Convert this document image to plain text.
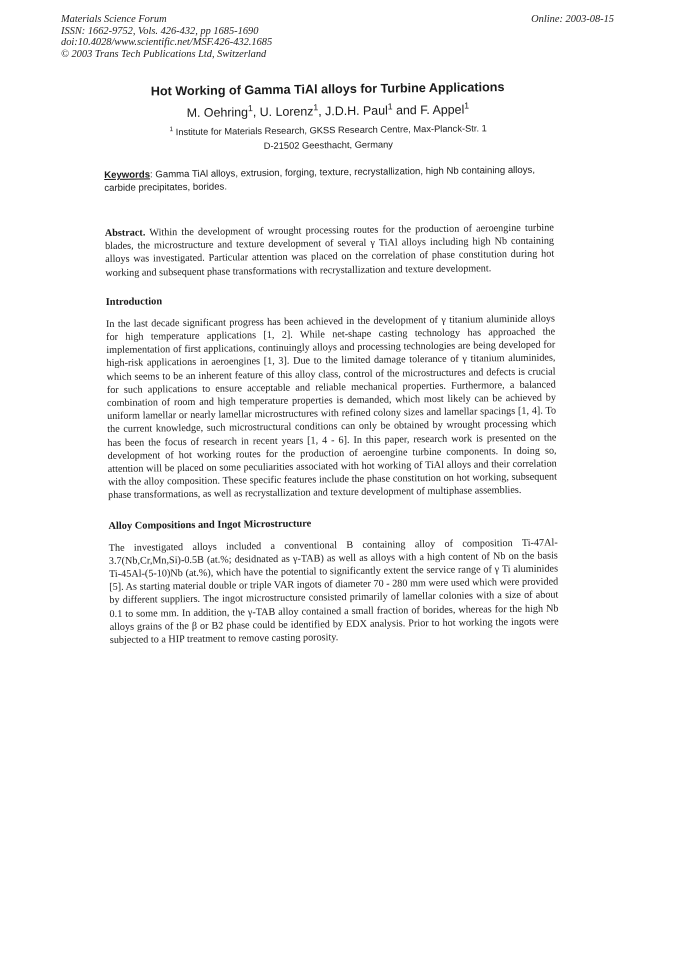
Materials Science Forum
ISSN: 1662-9752, Vols. 426-432, pp 1685-1690
doi:10.4028/www.scientific.net/MSF.426-432.1685
© 2003 Trans Tech Publications Ltd, Switzerland
Online: 2003-08-15
Hot Working of Gamma TiAl alloys for Turbine Applications
M. Oehring$^1$, U. Lorenz$^1$, J.D.H. Paul$^1$ and F. Appel$^1$
$^1$ Institute for Materials Research, GKSS Research Centre, Max-Planck-Str. 1
D-21502 Geesthacht, Germany
Keywords: Gamma TiAl alloys, extrusion, forging, texture, recrystallization, high Nb containing alloys, carbide precipitates, borides.

Abstract. Within the development of wrought processing routes for the production of aeroengine turbine blades, the microstructure and texture development of several γ TiAl alloys including high Nb containing alloys was investigated. Particular attention was placed on the correlation of phase constitution during hot working and subsequent phase transformations with recrystallization and texture development.

Introduction

In the last decade significant progress has been achieved in the development of γ titanium aluminide alloys for high temperature applications [1, 2]. While net-shape casting technology has approached the implementation of first applications, continuingly alloys and processing technologies are being developed for high-risk applications in aeroengines [1, 3]. Due to the limited damage tolerance of γ titanium aluminides, which seems to be an inherent feature of this alloy class, control of the microstructures and defects is crucial for such applications to ensure acceptable and reliable mechanical properties. Furthermore, a balanced combination of room and high temperature properties is demanded, which most likely can be achieved by uniform lamellar or nearly lamellar microstructures with refined colony sizes and lamellar spacings [1, 4]. To the current knowledge, such microstructural conditions can only be obtained by wrought processing which has been the focus of research in recent years [1, 4 - 6]. In this paper, research work is presented on the development of hot working routes for the production of aeroengine turbine components. In doing so, attention will be placed on some peculiarities associated with hot working of TiAl alloys and their correlation with the alloy composition. These specific features include the phase constitution on hot working, subsequent phase transformations, as well as recrystallization and texture development of multiphase assemblies.

Alloy Compositions and Ingot Microstructure

The investigated alloys included a conventional B containing alloy of composition Ti-47Al-3.7(Nb,Cr,Mn,Si)-0.5B (at.%; desidnated as γ-TAB) as well as alloys with a high content of Nb on the basis Ti-45Al-(5-10)Nb (at.%), which have the potential to significantly extent the service range of γ Ti aluminides [5]. As starting material double or triple VAR ingots of diameter 70 - 280 mm were used which were provided by different suppliers. The ingot microstructure consisted primarily of lamellar colonies with a size of about 0.1 to some mm. In addition, the γ-TAB alloy contained a small fraction of borides, whereas for the high Nb alloys grains of the β or B2 phase could be identified by EDX analysis. Prior to hot working the ingots were subjected to a HIP treatment to remove casting porosity.
